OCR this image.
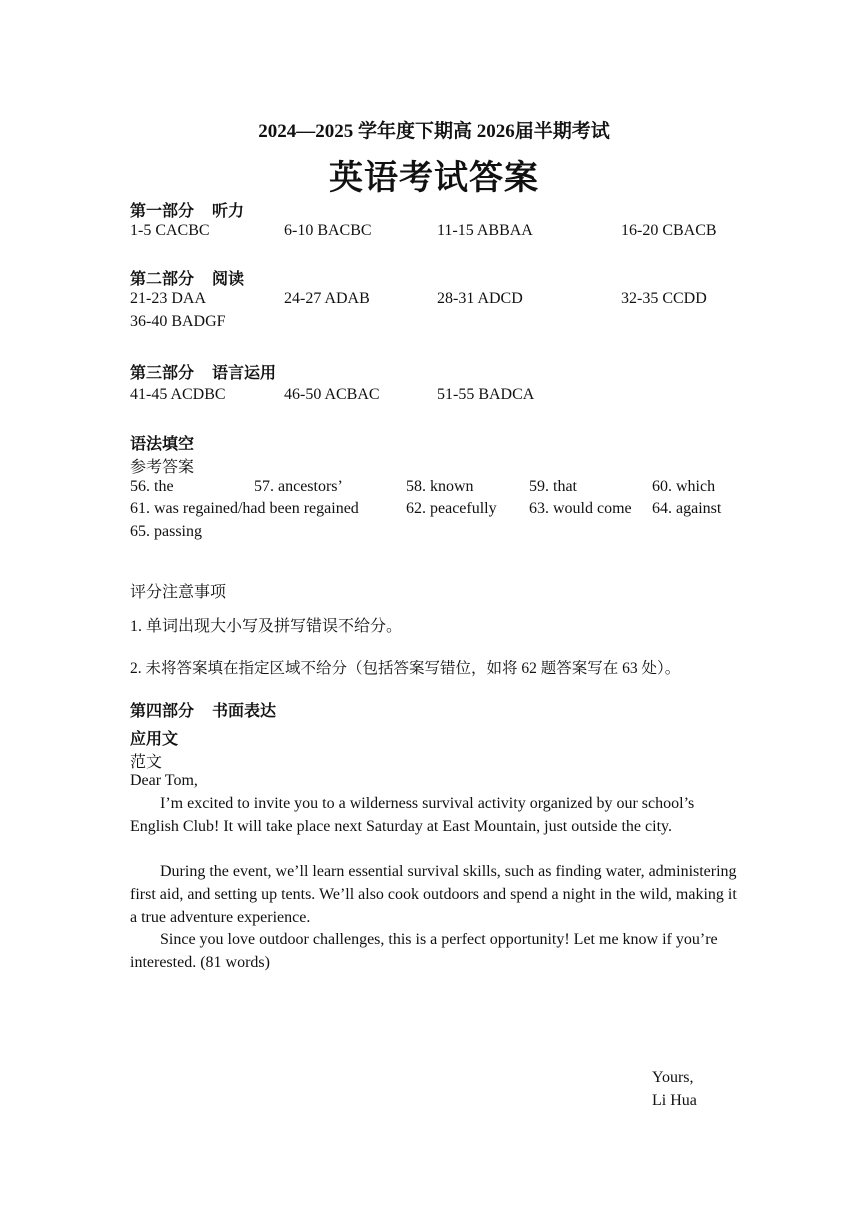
2024—2025 学年度下期高 2026届半期考试
英语考试答案
第一部分 听力
1-5 CACBC	6-10 BACBC	11-15 ABBAA	16-20 CBACB
第二部分 阅读
21-23 DAA	24-27 ADAB	28-31 ADCD	32-35 CCDD
36-40 BADGF
第三部分 语言运用
41-45 ACDBC	46-50 ACBAC	51-55 BADCA
语法填空
参考答案
56. the	57. ancestors’	58. known	59. that	60. which
61. was regained/had been regained	62. peacefully 63. would come 64. against
65. passing
评分注意事项
1. 单词出现大小写及拼写错误不给分。
2. 未将答案填在指定区域不给分（包括答案写错位，如将 62 题答案写在 63 处）。
第四部分 书面表达
应用文
范文
Dear Tom,

I’m excited to invite you to a wilderness survival activity organized by our school’s English Club! It will take place next Saturday at East Mountain, just outside the city.

During the event, we’ll learn essential survival skills, such as finding water, administering first aid, and setting up tents. We’ll also cook outdoors and spend a night in the wild, making it a true adventure experience.

Since you love outdoor challenges, this is a perfect opportunity! Let me know if you’re interested. (81 words)

Yours,
Li Hua
